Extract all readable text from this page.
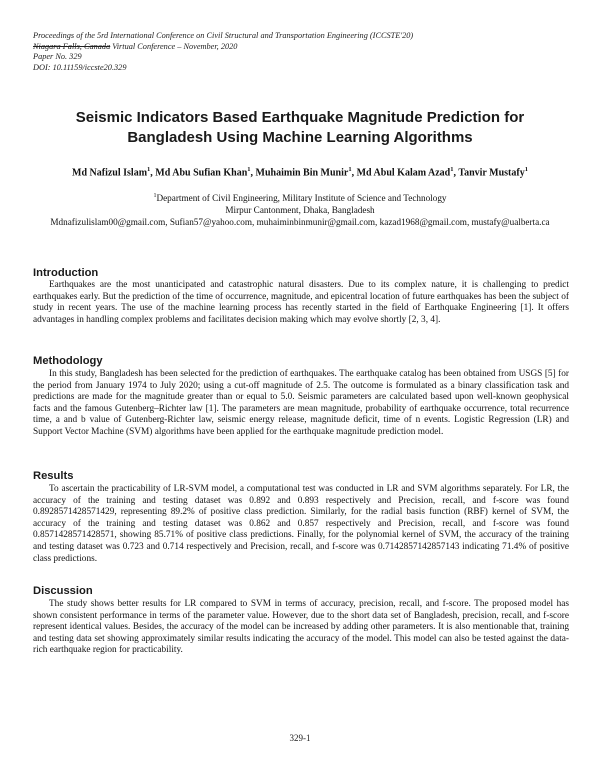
Proceedings of the 5rd International Conference on Civil Structural and Transportation Engineering (ICCSTE'20)
Niagara Falls, Canada Virtual Conference – November, 2020
Paper No. 329
DOI: 10.11159/iccste20.329
Seismic Indicators Based Earthquake Magnitude Prediction for Bangladesh Using Machine Learning Algorithms
Md Nafizul Islam$^1$, Md Abu Sufian Khan$^1$, Muhaimin Bin Munir$^1$, Md Abul Kalam Azad$^1$, Tanvir Mustafy$^1$
$^1$Department of Civil Engineering, Military Institute of Science and Technology
Mirpur Cantonment, Dhaka, Bangladesh
Mdnafizulislam00@gmail.com, Sufian57@yahoo.com, muhaiminbinmunir@gmail.com, kazad1968@gmail.com, mustafy@ualberta.ca
Introduction
Earthquakes are the most unanticipated and catastrophic natural disasters. Due to its complex nature, it is challenging to predict earthquakes early. But the prediction of the time of occurrence, magnitude, and epicentral location of future earthquakes has been the subject of study in recent years. The use of the machine learning process has recently started in the field of Earthquake Engineering [1]. It offers advantages in handling complex problems and facilitates decision making which may evolve shortly [2, 3, 4].
Methodology
In this study, Bangladesh has been selected for the prediction of earthquakes. The earthquake catalog has been obtained from USGS [5] for the period from January 1974 to July 2020; using a cut-off magnitude of 2.5. The outcome is formulated as a binary classification task and predictions are made for the magnitude greater than or equal to 5.0. Seismic parameters are calculated based upon well-known geophysical facts and the famous Gutenberg–Richter law [1]. The parameters are mean magnitude, probability of earthquake occurrence, total recurrence time, a and b value of Gutenberg-Richter law, seismic energy release, magnitude deficit, time of n events. Logistic Regression (LR) and Support Vector Machine (SVM) algorithms have been applied for the earthquake magnitude prediction model.
Results
To ascertain the practicability of LR-SVM model, a computational test was conducted in LR and SVM algorithms separately. For LR, the accuracy of the training and testing dataset was 0.892 and 0.893 respectively and Precision, recall, and f-score was found 0.8928571428571429, representing 89.2% of positive class prediction. Similarly, for the radial basis function (RBF) kernel of SVM, the accuracy of the training and testing dataset was 0.862 and 0.857 respectively and Precision, recall, and f-score was found 0.8571428571428571, showing 85.71% of positive class predictions. Finally, for the polynomial kernel of SVM, the accuracy of the training and testing dataset was 0.723 and 0.714 respectively and Precision, recall, and f-score was 0.7142857142857143 indicating 71.4% of positive class predictions.
Discussion
The study shows better results for LR compared to SVM in terms of accuracy, precision, recall, and f-score. The proposed model has shown consistent performance in terms of the parameter value. However, due to the short data set of Bangladesh, precision, recall, and f-score represent identical values. Besides, the accuracy of the model can be increased by adding other parameters. It is also mentionable that, training and testing data set showing approximately similar results indicating the accuracy of the model. This model can also be tested against the data-rich earthquake region for practicability.
329-1
